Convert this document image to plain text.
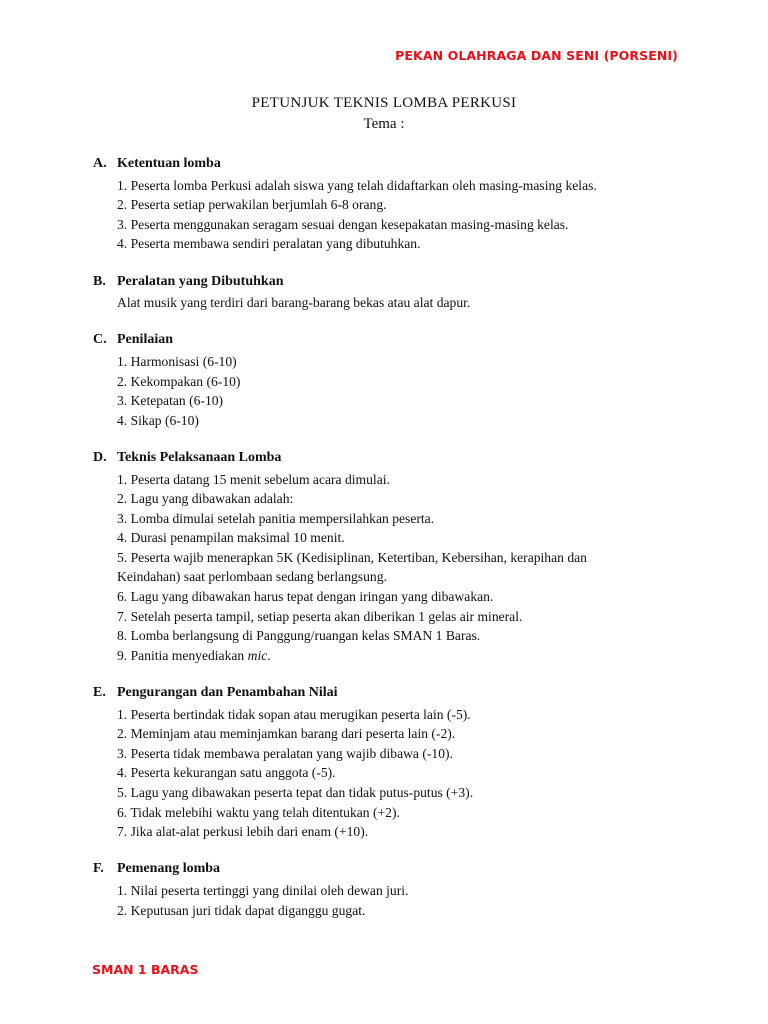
PEKAN OLAHRAGA DAN SENI (PORSENI)
PETUNJUK TEKNIS LOMBA PERKUSI
Tema :
A. Ketentuan lomba
1. Peserta lomba Perkusi adalah siswa yang telah didaftarkan oleh masing-masing kelas.
2. Peserta setiap perwakilan berjumlah 6-8 orang.
3. Peserta menggunakan seragam sesuai dengan kesepakatan masing-masing kelas.
4. Peserta membawa sendiri peralatan yang dibutuhkan.
B. Peralatan yang Dibutuhkan
Alat musik yang terdiri dari barang-barang bekas atau alat dapur.
C. Penilaian
1. Harmonisasi (6-10)
2. Kekompakan (6-10)
3. Ketepatan (6-10)
4. Sikap (6-10)
D. Teknis Pelaksanaan Lomba
1. Peserta datang 15 menit sebelum acara dimulai.
2. Lagu yang dibawakan adalah:
3. Lomba dimulai setelah panitia mempersilahkan peserta.
4. Durasi penampilan maksimal 10 menit.
5. Peserta wajib menerapkan 5K (Kedisiplinan, Ketertiban, Kebersihan, kerapihan dan
Keindahan) saat perlombaan sedang berlangsung.
6. Lagu yang dibawakan harus tepat dengan iringan yang dibawakan.
7. Setelah peserta tampil, setiap peserta akan diberikan 1 gelas air mineral.
8. Lomba berlangsung di Panggung/ruangan kelas SMAN 1 Baras.
9. Panitia menyediakan mic.
E. Pengurangan dan Penambahan Nilai
1. Peserta bertindak tidak sopan atau merugikan peserta lain (-5).
2. Meminjam atau meminjamkan barang dari peserta lain (-2).
3. Peserta tidak membawa peralatan yang wajib dibawa (-10).
4. Peserta kekurangan satu anggota (-5).
5. Lagu yang dibawakan peserta tepat dan tidak putus-putus (+3).
6. Tidak melebihi waktu yang telah ditentukan (+2).
7. Jika alat-alat perkusi lebih dari enam (+10).
F. Pemenang lomba
1. Nilai peserta tertinggi yang dinilai oleh dewan juri.
2. Keputusan juri tidak dapat diganggu gugat.
SMAN 1 BARAS
